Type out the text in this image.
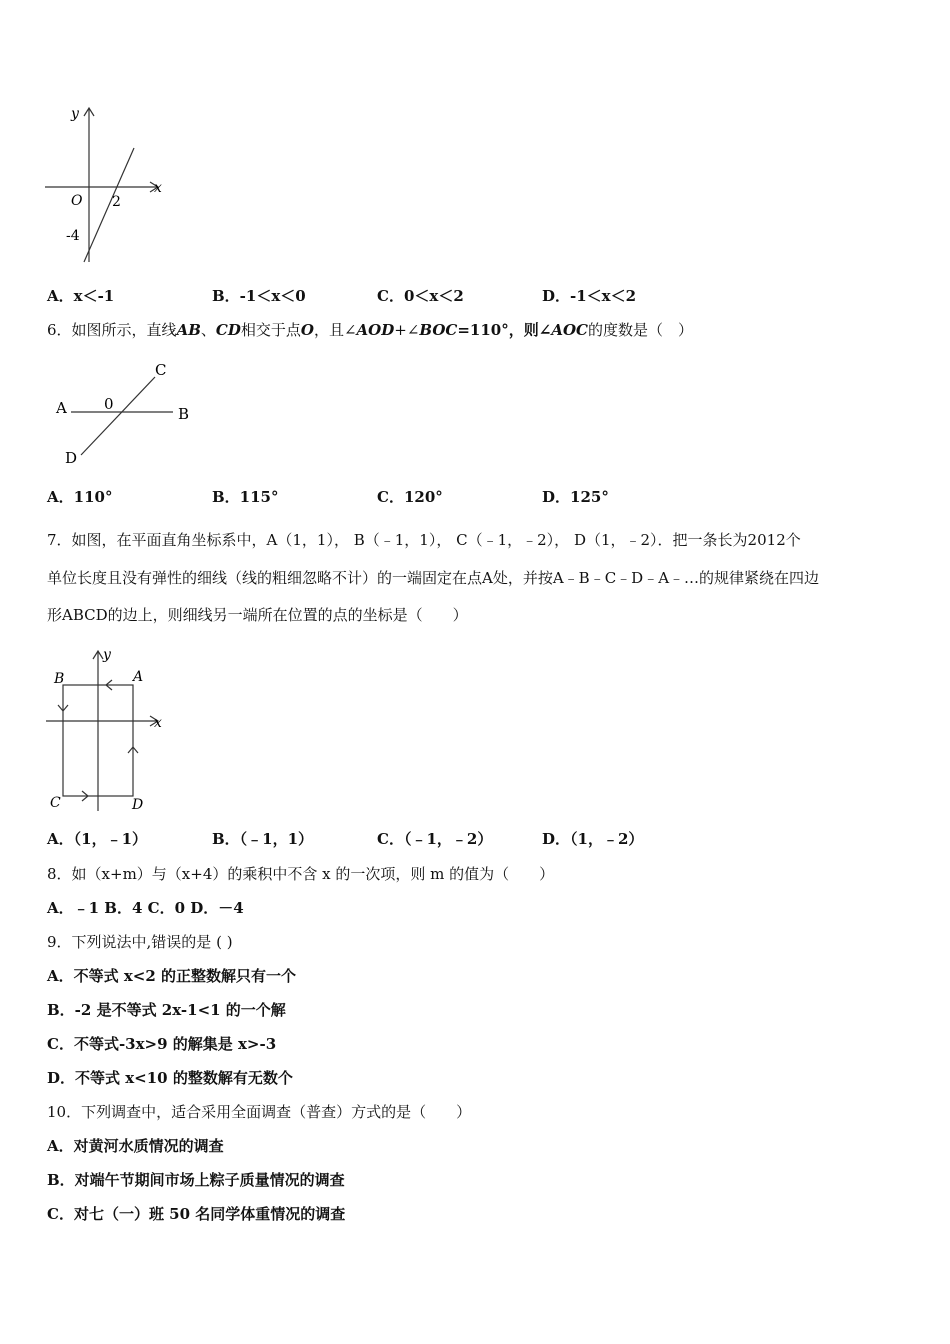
y
x
O 2
-4
A．x＜-1	B．-1＜x＜0	C．0＜x＜2	D．-1＜x＜2
6．如图所示，直线AB、CD相交于点O，且∠AOD+∠BOC=110°，则∠AOC的度数是（　）
A	B
C
D
0
A．110°	B．115°	C．120°	D．125°
7．如图，在平面直角坐标系中，A（1，1）， B（﹣1，1）， C（﹣1，﹣2）， D（1，﹣2）．把一条长为2012个
单位长度且没有弹性的细线（线的粗细忽略不计）的一端固定在点A处，并按A﹣B﹣C﹣D﹣A﹣…的规律紧绕在四边
形ABCD的边上，则细线另一端所在位置的点的坐标是（　　）
B	A
C	D
x
y
A．（1，﹣1）	B．（﹣1，1）	C．（﹣1，﹣2）	D．（1，﹣2）
8．如（x+m）与（x+4）的乘积中不含 x 的一次项，则 m 的值为（　　）
A．﹣1 B．4 C．0 D．－4
9．下列说法中,错误的是 ( )
A．不等式 x<2 的正整数解只有一个
B．-2 是不等式 2x-1<1 的一个解
C．不等式-3x>9 的解集是 x>-3
D．不等式 x<10 的整数解有无数个
10．下列调查中，适合采用全面调查（普查）方式的是（　　）
A．对黄河水质情况的调查
B．对端午节期间市场上粽子质量情况的调查
C．对七（一）班 50 名同学体重情况的调查
